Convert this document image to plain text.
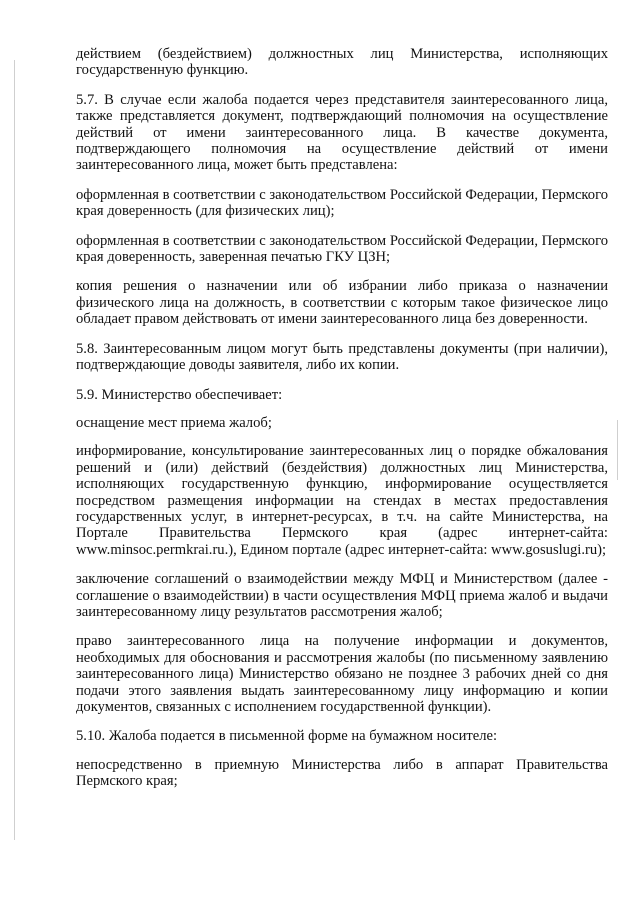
действием (бездействием) должностных лиц Министерства, исполняющих государственную функцию.

5.7. В случае если жалоба подается через представителя заинтересованного лица, также представляется документ, подтверждающий полномочия на осуществление действий от имени заинтересованного лица. В качестве документа, подтверждающего полномочия на осуществление действий от имени заинтересованного лица, может быть представлена:

оформленная в соответствии с законодательством Российской Федерации, Пермского края доверенность (для физических лиц);

оформленная в соответствии с законодательством Российской Федерации, Пермского края доверенность, заверенная печатью ГКУ ЦЗН;

копия решения о назначении или об избрании либо приказа о назначении физического лица на должность, в соответствии с которым такое физическое лицо обладает правом действовать от имени заинтересованного лица без доверенности.

5.8. Заинтересованным лицом могут быть представлены документы (при наличии), подтверждающие доводы заявителя, либо их копии.

5.9. Министерство обеспечивает:

оснащение мест приема жалоб;

информирование, консультирование заинтересованных лиц о порядке обжалования решений и (или) действий (бездействия) должностных лиц Министерства, исполняющих государственную функцию, информирование осуществляется посредством размещения информации на стендах в местах предоставления государственных услуг, в интернет-ресурсах, в т.ч. на сайте Министерства, на Портале Правительства Пермского края (адрес интернет-сайта: www.minsoc.permkrai.ru.), Едином портале (адрес интернет-сайта: www.gosuslugi.ru);

заключение соглашений о взаимодействии между МФЦ и Министерством (далее - соглашение о взаимодействии) в части осуществления МФЦ приема жалоб и выдачи заинтересованному лицу результатов рассмотрения жалоб;

право заинтересованного лица на получение информации и документов, необходимых для обоснования и рассмотрения жалобы (по письменному заявлению заинтересованного лица) Министерство обязано не позднее 3 рабочих дней со дня подачи этого заявления выдать заинтересованному лицу информацию и копии документов, связанных с исполнением государственной функции).

5.10. Жалоба подается в письменной форме на бумажном носителе:

непосредственно в приемную Министерства либо в аппарат Правительства Пермского края;
